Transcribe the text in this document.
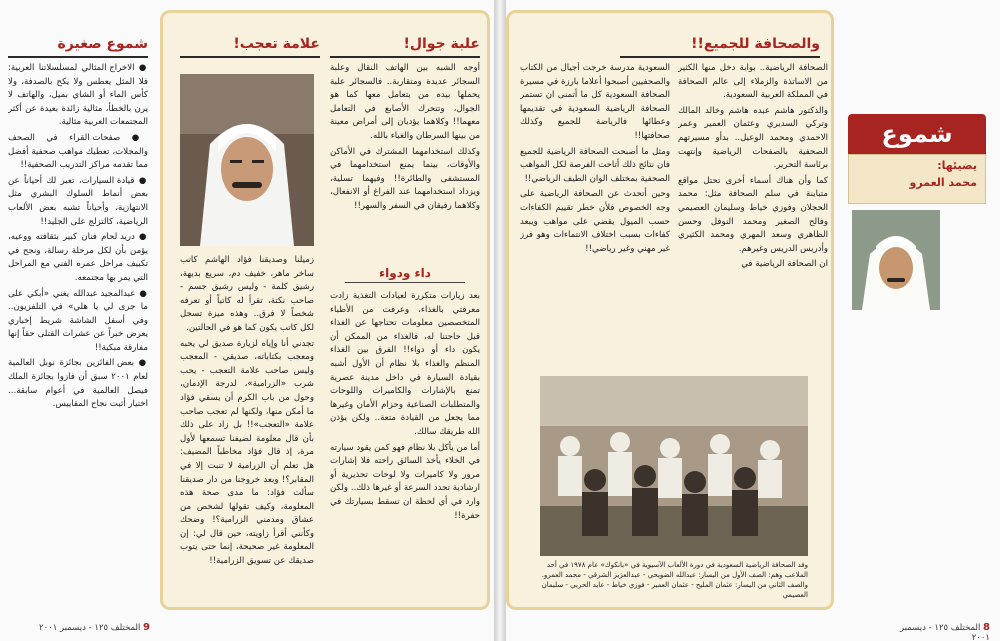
شموع صغيرة

● الاخراج المثالي لمسلسلاتنا العربية: فلا المثل يعطس ولا يكح بالصدفة، ولا كأس الماء أو الشاي بميل، والهاتف لا يرن بالخطأ، مثالية زائدة بعيدة عن أكثر المجتمعات العربية مثالية.

● صفحات القراء في الصحف والمجلات، تعطيك مواهب صحفية أفضل مما تقدمه مراكز التدريب الصحفية!!

● قيادة السيارات، تعبر لك أحياناً عن بعض أنماط السلوك البشري مثل الانتهازية، وأحياناً تشبه بعض الألعاب الرياضية، كالتزلج على الجليد!!

● دريد لحام فنان كبير بثقافته ووعيه، يؤمن بأن لكل مرحلة رسالة، ونجح في تكييف مراحل عمره الفني مع المراحل التي يمر بها مجتمعه.

● عبدالمجيد عبدالله يغني «أبكي على ما جرى لي يا هلي» في التلفزيون.. وفي أسفل الشاشة شريط إخباري يعرض خبراً عن عشرات القتلى حقاً إنها مفارقة مبكية!!

● بعض الفائزين بجائزة نوبل العالمية لعام ٢٠٠١ سبق أن فازوا بجائزة الملك فيصل العالمية في أعوام سابقة... اختيار أثبت نجاح المقاييس.

علامة تعجب!

زميلنا وصديقنا فؤاد الهاشم كاتب ساخر ماهر، خفيف دم، سريع بديهة، رشيق كلمة - وليس رشيق جسم - صاحب نكتة، تقرأ له كاتباً أو تعرفه شخصاً لا فرق.. وهذه ميزة تسجل لكل كاتب يكون كما هو في الحالتين.

تجدني أنا وإياه لزيارة صديق لي يحبه ومعجب بكتاباته، صديقي - المعجب وليس صاحب علامة التعجب - يحب شرب «الزرامية»، لدرجة الإدمان، وحول من باب الكرم أن يسقي فؤاد ما أمكن منها، ولكنها لم تعجب صاحب علامة «التعجب»!! بل زاد على ذلك بأن قال معلومة لضيفنا تسمعها لأول مرة، إذ قال فؤاد مخاطباً المضيف: هل تعلم أن الزرامية لا تنبت إلا في المقابر؟! وبعد خروجنا من دار صديقنا سألت فؤاد: ما مدى صحة هذه المعلومة، وكيف تقولها لشخص من عشاق ومدمني الزرامية؟! وضحك وكأنني أقرأ زاويته، حين قال لي: إن المعلومة غير صحيحة، إنما حتى يتوب صديقك عن تسويق الزرامية!!

علبة جوال!

أوجه الشبه بين الهاتف النقال وعلبة السجائر عديدة ومتقاربة.. فالسجائر علبة يحملها بيده من يتعامل معها كما هو الجوال، وتتحرك الأصابع في التعامل معهما!! وكلاهما يؤديان إلى أمراض معينة من بينها السرطان والغباء بالله.

وكذلك استخدامهما المشترك في الأماكن والأوقات، بينما يمنع استخدامهما في المستشفى والطائرة!! وفيهما تسلية، ويزداد استخدامهما عند الفراغ أو الانفعال، وكلاهما رفيقان في السفر والسهر!!

داء ودواء

بعد زيارات متكررة لعيادات التغذية زادت معرفتي بالغذاء، وعرفت من الأطباء المتخصصين معلومات تحتاجها عن الغذاء قبل حاجتنا له، فالغذاء من الممكن أن يكون داء أو دواء!! الفرق بين الغذاء المنظم والغذاء بلا نظام أن الأول أشبه بقيادة السيارة في داخل مدينة عصرية تمنع بالإشارات والكاميرات واللوحات والمتطلبات الصناعية وحزام الأمان وغيرها مما يجعل من القيادة متعة.. ولكن يؤذن الله طريقك سالك.

أما من يأكل بلا نظام فهو كمن يقود سيارته في الخلاء يأخذ السائق راحته فلا إشارات مرور ولا كاميرات ولا لوحات تحذيرية أو ارشادية تحدد السرعة أو غيرها ذلك.. ولكن وارد في أي لحظة ان تسقط بسيارتك في حفرة!!

9 المختلف ١٢٥ - ديسمبر ٢٠٠١
والصحافة للجميع!!

السعودية مدرسة خرجت أجيال من الكتاب والصحفيين أصبحوا أعلاما بارزة في مسيرة الصحافة السعودية كل ما أتمنى ان تستمر الصحافة الرياضية السعودية في تقديمها وعطائها فالرياضة للجميع وكذلك صحافتها!!

ومثل ما أصبحت الصحافة الرياضية للجميع فان نتائج ذلك أتاحت الفرصة لكل المواهب الصحفية بمختلف الوان الطيف الرياضي!!

وحين أتحدث عن الصحافة الرياضية على وجه الخصوص فلأن خطر تقييم الكفاءات حسب الميول يقضي على مواهب ويبعد كفاءات بسبب اختلاف الانتماءات وهو فرز غير مهني وغير رياضي!!

الصحافة الرياضية.. بوابة دخل منها الكثير من الاساتذة والزملاء إلى عالم الصحافة في المملكة العربية السعودية.

والدكتور هاشم عبده هاشم وخالد المالك وتركي السديري وعثمان العمير وعمر الاحمدي ومحمد الوعيل.. بدأو مسيرتهم الصحفية بالصفحات الرياضية وإنتهت برئاسة التحرير.

كما وأن هناك أسماء أخرى تحتل مواقع متباينة في سلم الصحافة مثل: محمد الحجلان وفوزي خياط وسليمان العصيمي وفالح الصغير ومحمد النوفل وحسن الظاهري وسعد المهري ومحمد الكثيري وأدريس الدريس وغيرهم.

ان الصحافة الرياضية في

وفد الصحافة الرياضية السعودية في دورة الألعاب الآسيوية في «بانكوك» عام ١٩٧٨ في أحد الملاعب وهم: الصف الأول من اليسار: عبدالله الضويحي - عبدالعزيز الشرقي - محمد العمرو. والصف الثاني من اليسار: عثمان المليح - عثمان العمير - فوزي خياط - عايد الحربي - سليمان العصيمي
شموع
يضيئها:
محمد العمرو
8 المختلف ١٢٥ - ديسمبر ٢٠٠١
